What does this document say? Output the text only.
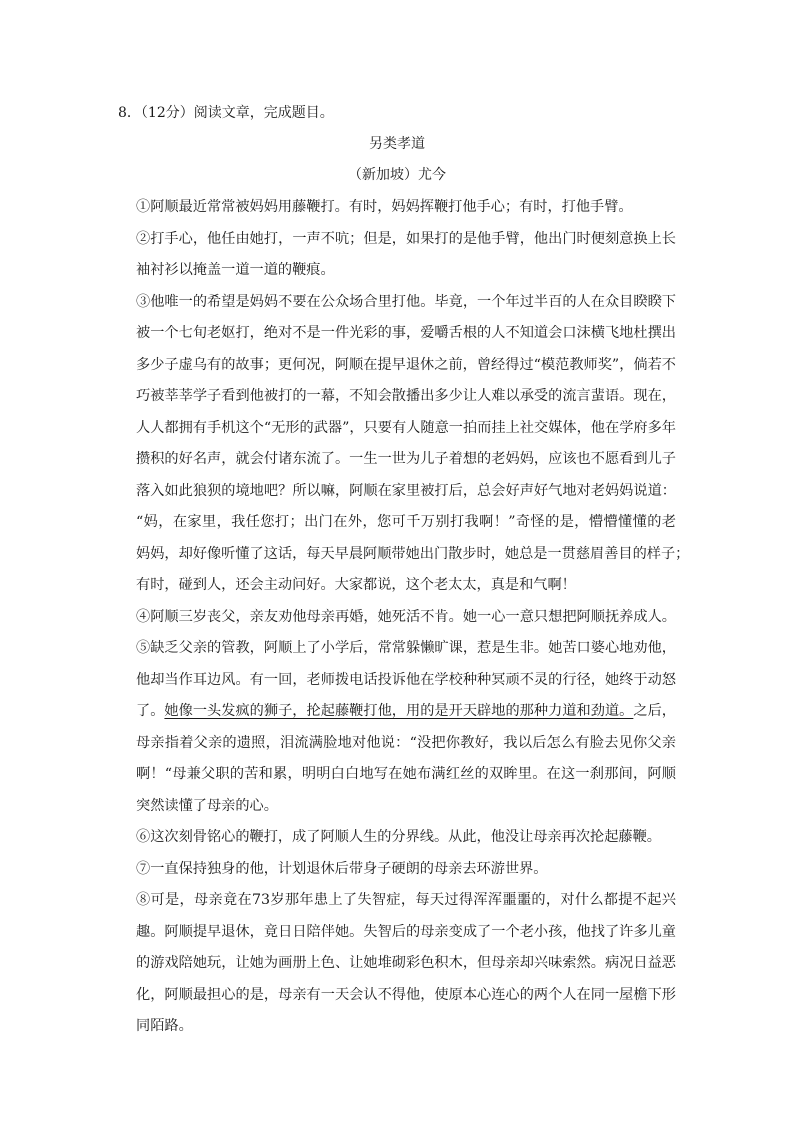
8．（12分）阅读文章，完成题目。
另类孝道
（新加坡）尤今
①阿顺最近常常被妈妈用藤鞭打。有时，妈妈挥鞭打他手心；有时，打他手臂。
②打手心，他任由她打，一声不吭；但是，如果打的是他手臂，他出门时便刻意换上长
袖衬衫以掩盖一道一道的鞭痕。
③他唯一的希望是妈妈不要在公众场合里打他。毕竟，一个年过半百的人在众目睽睽下
被一个七旬老妪打，绝对不是一件光彩的事，爱嚼舌根的人不知道会口沫横飞地杜撰出
多少子虚乌有的故事；更何况，阿顺在提早退休之前，曾经得过“模范教师奖”，倘若不
巧被莘莘学子看到他被打的一幕，不知会散播出多少让人难以承受的流言蜚语。现在，
人人都拥有手机这个“无形的武器”，只要有人随意一拍而挂上社交媒体，他在学府多年
攒积的好名声，就会付诸东流了。一生一世为儿子着想的老妈妈，应该也不愿看到儿子
落入如此狼狈的境地吧？所以嘛，阿顺在家里被打后，总会好声好气地对老妈妈说道：
“妈，在家里，我任您打；出门在外，您可千万别打我啊！”奇怪的是，懵懵懂懂的老
妈妈，却好像听懂了这话，每天早晨阿顺带她出门散步时，她总是一贯慈眉善目的样子；
有时，碰到人，还会主动问好。大家都说，这个老太太，真是和气啊！
④阿顺三岁丧父，亲友劝他母亲再婚，她死活不肯。她一心一意只想把阿顺抚养成人。
⑤缺乏父亲的管教，阿顺上了小学后，常常躲懒旷课，惹是生非。她苦口婆心地劝他，
他却当作耳边风。有一回，老师拨电话投诉他在学校种种冥顽不灵的行径，她终于动怒
了。她像一头发疯的狮子，抡起藤鞭打他，用的是开天辟地的那种力道和劲道。之后，
母亲指着父亲的遗照，泪流满脸地对他说：“没把你教好，我以后怎么有脸去见你父亲
啊！“母兼父职的苦和累，明明白白地写在她布满红丝的双眸里。在这一刹那间，阿顺
突然读懂了母亲的心。
⑥这次刻骨铭心的鞭打，成了阿顺人生的分界线。从此，他没让母亲再次抡起藤鞭。
⑦一直保持独身的他，计划退休后带身子硬朗的母亲去环游世界。
⑧可是，母亲竟在73岁那年患上了失智症，每天过得浑浑噩噩的，对什么都提不起兴
趣。阿顺提早退休，竟日日陪伴她。失智后的母亲变成了一个老小孩，他找了许多儿童
的游戏陪她玩，让她为画册上色、让她堆砌彩色积木，但母亲却兴味索然。病况日益恶
化，阿顺最担心的是，母亲有一天会认不得他，使原本心连心的两个人在同一屋檐下形
同陌路。
